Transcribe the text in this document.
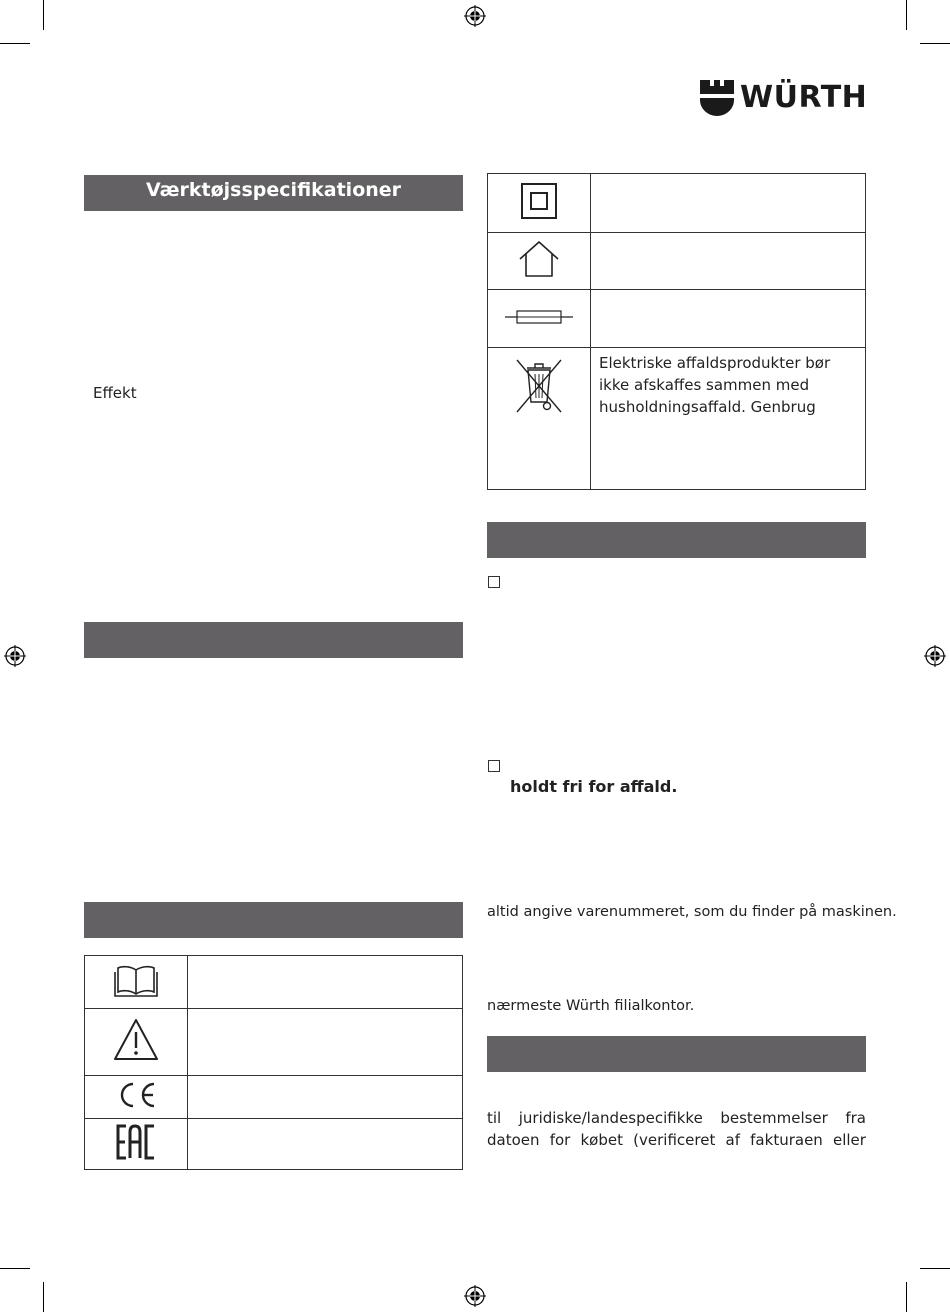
WÜRTH
Værktøjsspecifikationer
Effekt

Elektriske affaldsprodukter bør
ikke afskaffes sammen med
husholdningsaffald. Genbrug
holdt fri for affald.
altid angive varenummeret, som du finder på maskinen.
nærmeste Würth filialkontor.
til juridiske/landespecifikke bestemmelser fra
datoen for købet (verificeret af fakturaen eller
